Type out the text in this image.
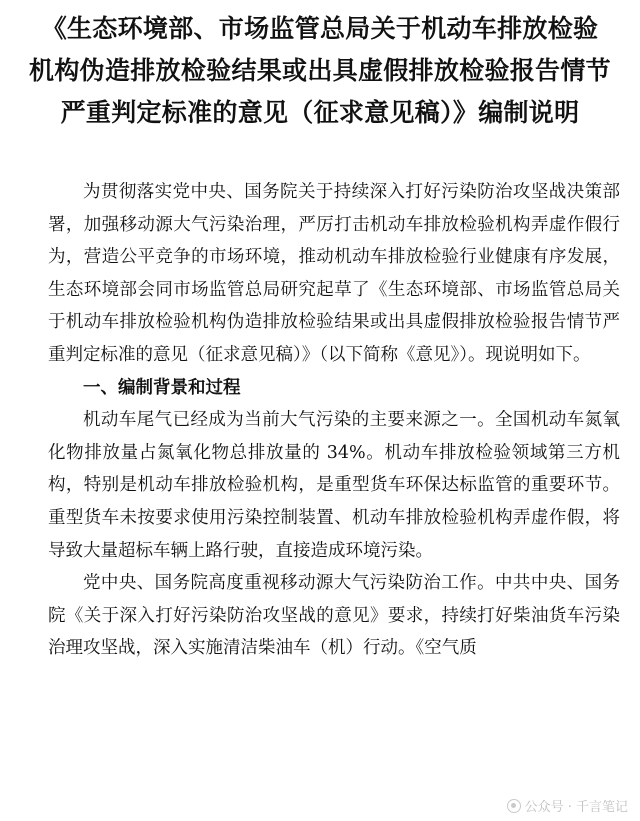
《生态环境部、市场监管总局关于机动车排放检验
机构伪造排放检验结果或出具虚假排放检验报告情节
严重判定标准的意见（征求意见稿）》编制说明

为贯彻落实党中央、国务院关于持续深入打好污染防治攻坚战决策部署，加强移动源大气污染治理，严厉打击机动车排放检验机构弄虚作假行为，营造公平竞争的市场环境，推动机动车排放检验行业健康有序发展，生态环境部会同市场监管总局研究起草了《生态环境部、市场监管总局关于机动车排放检验机构伪造排放检验结果或出具虚假排放检验报告情节严重判定标准的意见（征求意见稿）》（以下简称《意见》）。现说明如下。

一、编制背景和过程

机动车尾气已经成为当前大气污染的主要来源之一。全国机动车氮氧化物排放量占氮氧化物总排放量的 34%。机动车排放检验领域第三方机构，特别是机动车排放检验机构，是重型货车环保达标监管的重要环节。重型货车未按要求使用污染控制装置、机动车排放检验机构弄虚作假，将导致大量超标车辆上路行驶，直接造成环境污染。

党中央、国务院高度重视移动源大气污染防治工作。中共中央、国务院《关于深入打好污染防治攻坚战的意见》要求，持续打好柴油货车污染治理攻坚战，深入实施清洁柴油车（机）行动。《空气质

公众号 · 千言笔记
